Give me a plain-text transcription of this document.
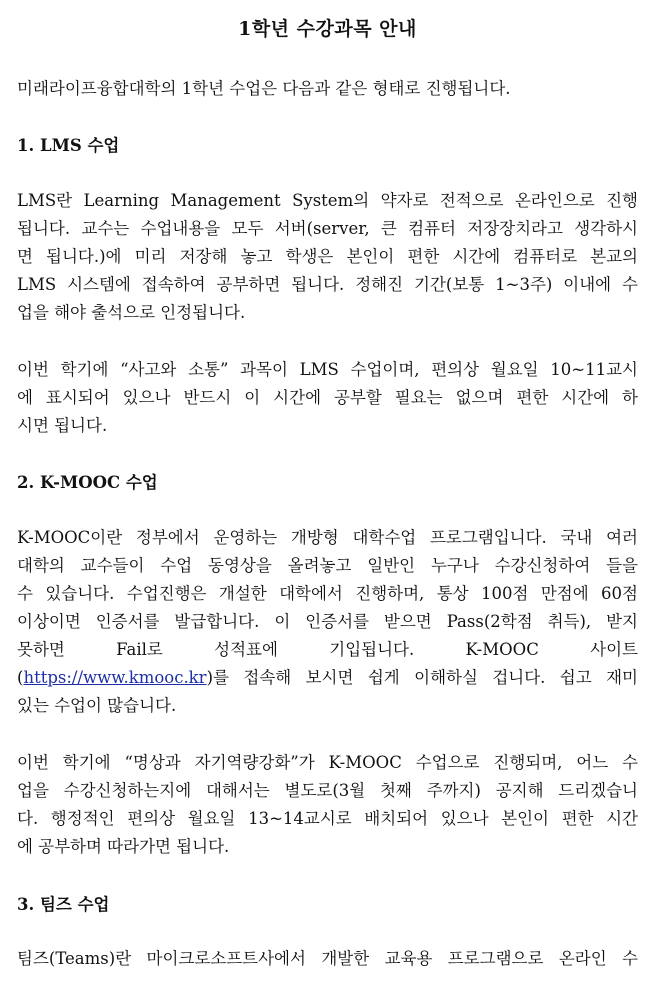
1학년 수강과목 안내

미래라이프융합대학의 1학년 수업은 다음과 같은 형태로 진행됩니다.

1. LMS 수업

LMS란 Learning Management System의 약자로 전적으로 온라인으로 진행
됩니다. 교수는 수업내용을 모두 서버(server, 큰 컴퓨터 저장장치라고 생각하시
면 됩니다.)에 미리 저장해 놓고 학생은 본인이 편한 시간에 컴퓨터로 본교의
LMS 시스템에 접속하여 공부하면 됩니다. 정해진 기간(보통 1~3주) 이내에 수
업을 해야 출석으로 인정됩니다.

이번 학기에 “사고와 소통” 과목이 LMS 수업이며, 편의상 월요일 10~11교시
에 표시되어 있으나 반드시 이 시간에 공부할 필요는 없으며 편한 시간에 하
시면 됩니다.

2. K-MOOC 수업

K-MOOC이란 정부에서 운영하는 개방형 대학수업 프로그램입니다. 국내 여러
대학의 교수들이 수업 동영상을 올려놓고 일반인 누구나 수강신청하여 들을
수 있습니다. 수업진행은 개설한 대학에서 진행하며, 통상 100점 만점에 60점
이상이면 인증서를 발급합니다. 이 인증서를 받으면 Pass(2학점 취득), 받지
못하면 Fail로 성적표에 기입됩니다. K-MOOC 사이트
(https://www.kmooc.kr)를 접속해 보시면 쉽게 이해하실 겁니다. 쉽고 재미
있는 수업이 많습니다.

이번 학기에 “명상과 자기역량강화”가 K-MOOC 수업으로 진행되며, 어느 수
업을 수강신청하는지에 대해서는 별도로(3월 첫째 주까지) 공지해 드리겠습니
다. 행정적인 편의상 월요일 13~14교시로 배치되어 있으나 본인이 편한 시간
에 공부하며 따라가면 됩니다.

3. 팀즈 수업

팀즈(Teams)란 마이크로소프트사에서 개발한 교육용 프로그램으로 온라인 수
